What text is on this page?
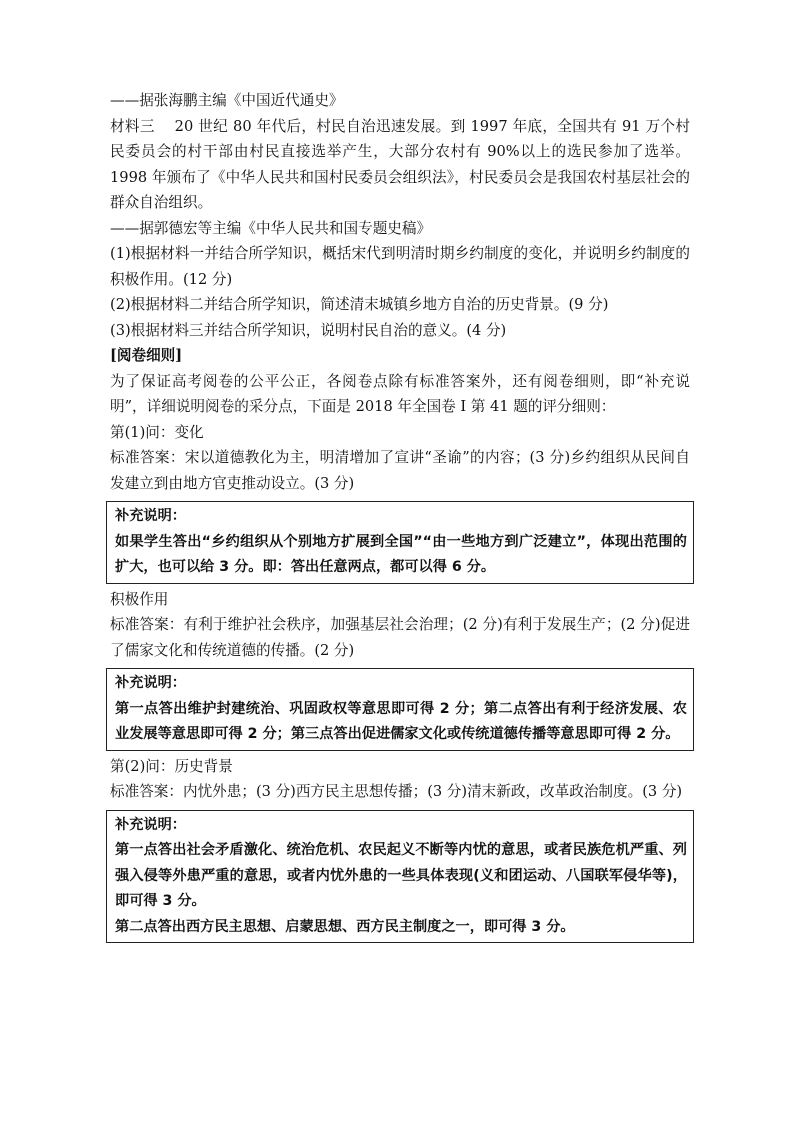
——据张海鹏主编《中国近代通史》

材料三 20 世纪 80 年代后，村民自治迅速发展。到 1997 年底，全国共有 91 万个村民委员会的村干部由村民直接选举产生，大部分农村有 90%以上的选民参加了选举。1998 年颁布了《中华人民共和国村民委员会组织法》，村民委员会是我国农村基层社会的群众自治组织。

——据郭德宏等主编《中华人民共和国专题史稿》

(1)根据材料一并结合所学知识，概括宋代到明清时期乡约制度的变化，并说明乡约制度的积极作用。(12 分)

(2)根据材料二并结合所学知识，简述清末城镇乡地方自治的历史背景。(9 分)

(3)根据材料三并结合所学知识，说明村民自治的意义。(4 分)

[阅卷细则]

为了保证高考阅卷的公平公正，各阅卷点除有标准答案外，还有阅卷细则，即“补充说明”，详细说明阅卷的采分点，下面是 2018 年全国卷 I 第 41 题的评分细则：

第(1)问：变化

标准答案：宋以道德教化为主，明清增加了宣讲“圣谕”的内容；(3 分)乡约组织从民间自发建立到由地方官吏推动设立。(3 分)

补充说明：

如果学生答出“乡约组织从个别地方扩展到全国”“由一些地方到广泛建立”，体现出范围的扩大，也可以给 3 分。即：答出任意两点，都可以得 6 分。

积极作用

标准答案：有利于维护社会秩序，加强基层社会治理；(2 分)有利于发展生产；(2 分)促进了儒家文化和传统道德的传播。(2 分)

补充说明：

第一点答出维护封建统治、巩固政权等意思即可得 2 分；第二点答出有利于经济发展、农业发展等意思即可得 2 分；第三点答出促进儒家文化或传统道德传播等意思即可得 2 分。

第(2)问：历史背景

标准答案：内忧外患；(3 分)西方民主思想传播；(3 分)清末新政，改革政治制度。(3 分)

补充说明：

第一点答出社会矛盾激化、统治危机、农民起义不断等内忧的意思，或者民族危机严重、列强入侵等外患严重的意思，或者内忧外患的一些具体表现(义和团运动、八国联军侵华等)，即可得 3 分。

第二点答出西方民主思想、启蒙思想、西方民主制度之一，即可得 3 分。
